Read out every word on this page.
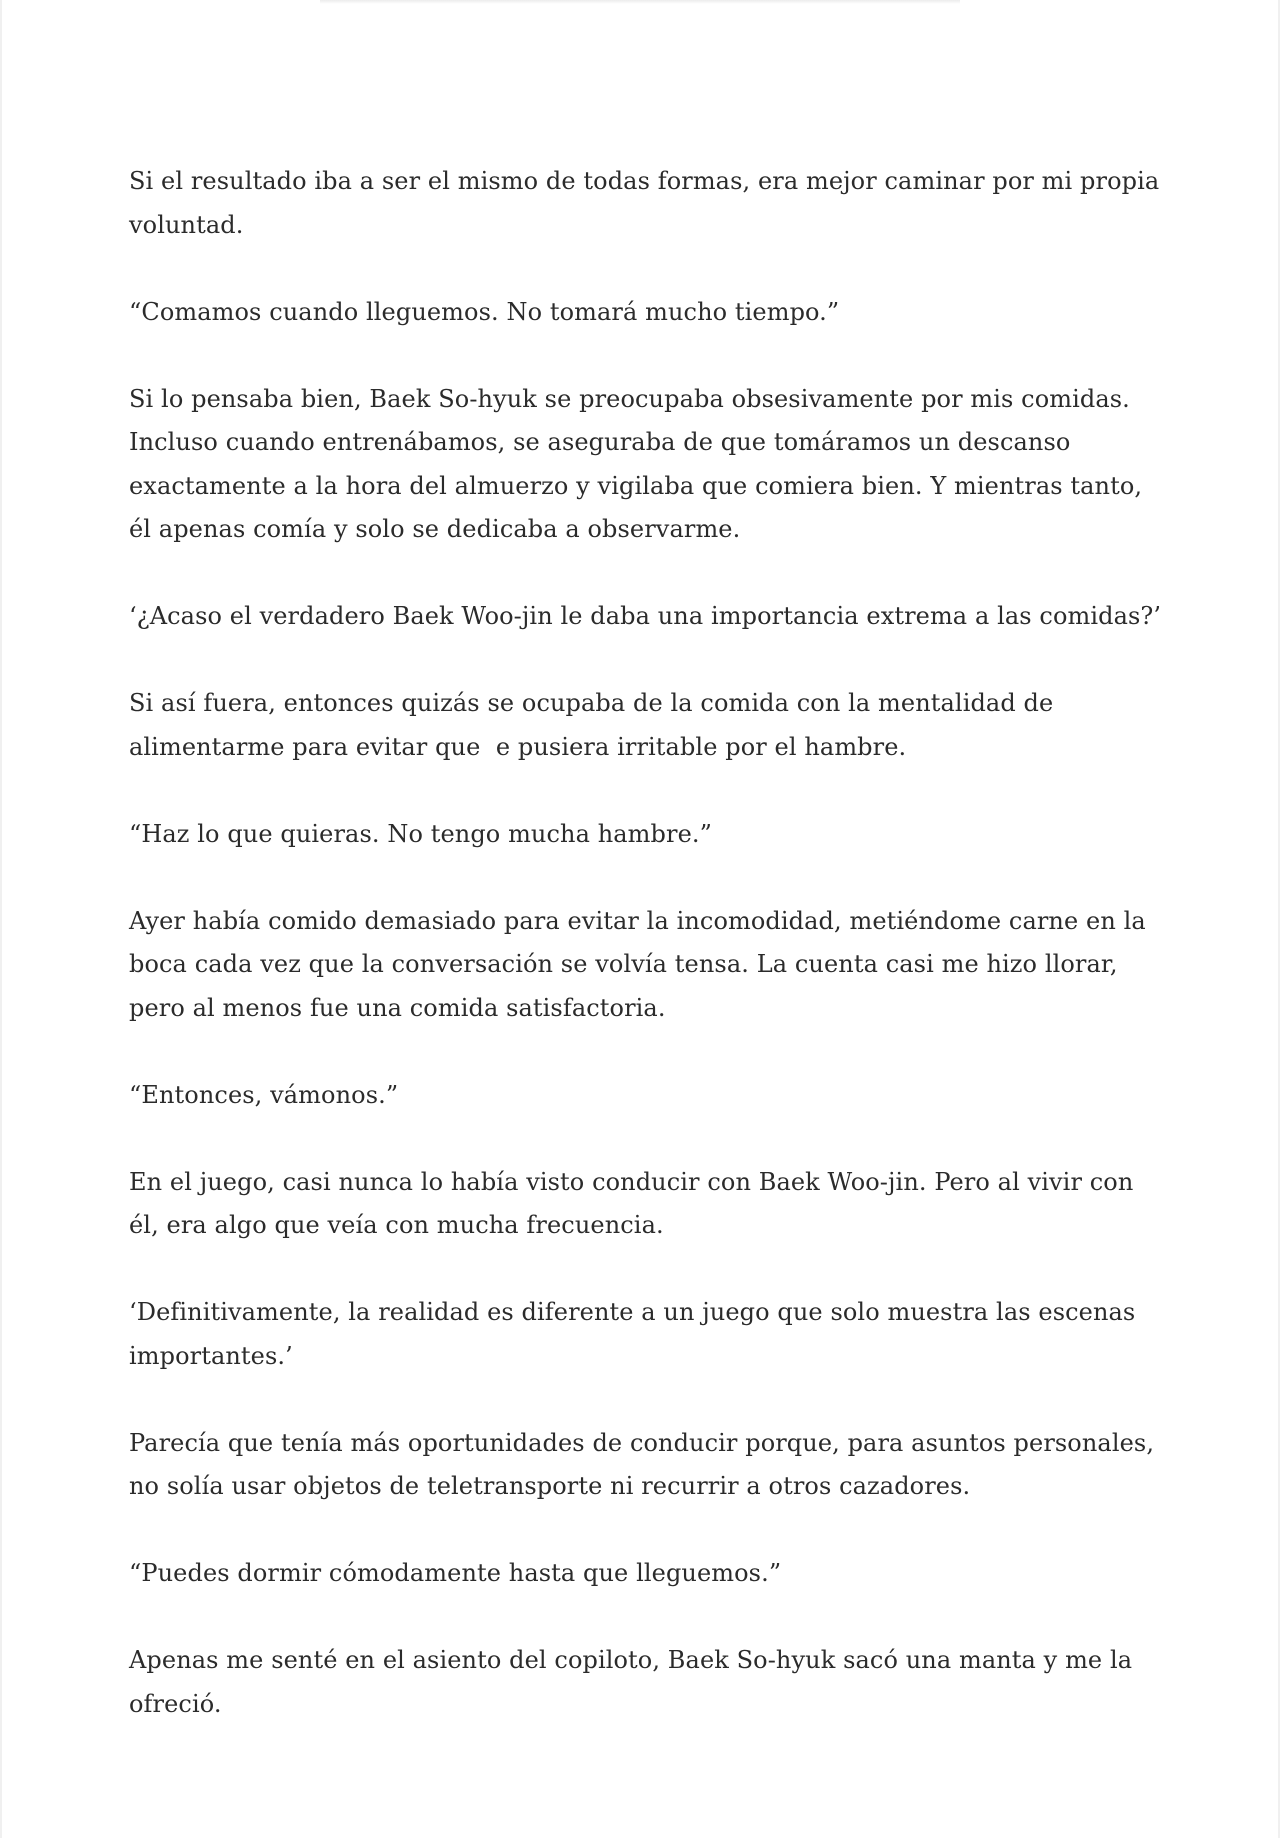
Si el resultado iba a ser el mismo de todas formas, era mejor caminar por mi propia voluntad.

“Comamos cuando lleguemos. No tomará mucho tiempo.”

Si lo pensaba bien, Baek So-hyuk se preocupaba obsesivamente por mis comidas. Incluso cuando entrenábamos, se aseguraba de que tomáramos un descanso exactamente a la hora del almuerzo y vigilaba que comiera bien. Y mientras tanto, él apenas comía y solo se dedicaba a observarme.

‘¿Acaso el verdadero Baek Woo-jin le daba una importancia extrema a las comidas?’

Si así fuera, entonces quizás se ocupaba de la comida con la mentalidad de alimentarme para evitar que  e pusiera irritable por el hambre.

“Haz lo que quieras. No tengo mucha hambre.”

Ayer había comido demasiado para evitar la incomodidad, metiéndome carne en la boca cada vez que la conversación se volvía tensa. La cuenta casi me hizo llorar, pero al menos fue una comida satisfactoria.

“Entonces, vámonos.”

En el juego, casi nunca lo había visto conducir con Baek Woo-jin. Pero al vivir con él, era algo que veía con mucha frecuencia.

‘Definitivamente, la realidad es diferente a un juego que solo muestra las escenas importantes.’

Parecía que tenía más oportunidades de conducir porque, para asuntos personales, no solía usar objetos de teletransporte ni recurrir a otros cazadores.

“Puedes dormir cómodamente hasta que lleguemos.”

Apenas me senté en el asiento del copiloto, Baek So-hyuk sacó una manta y me la ofreció.
